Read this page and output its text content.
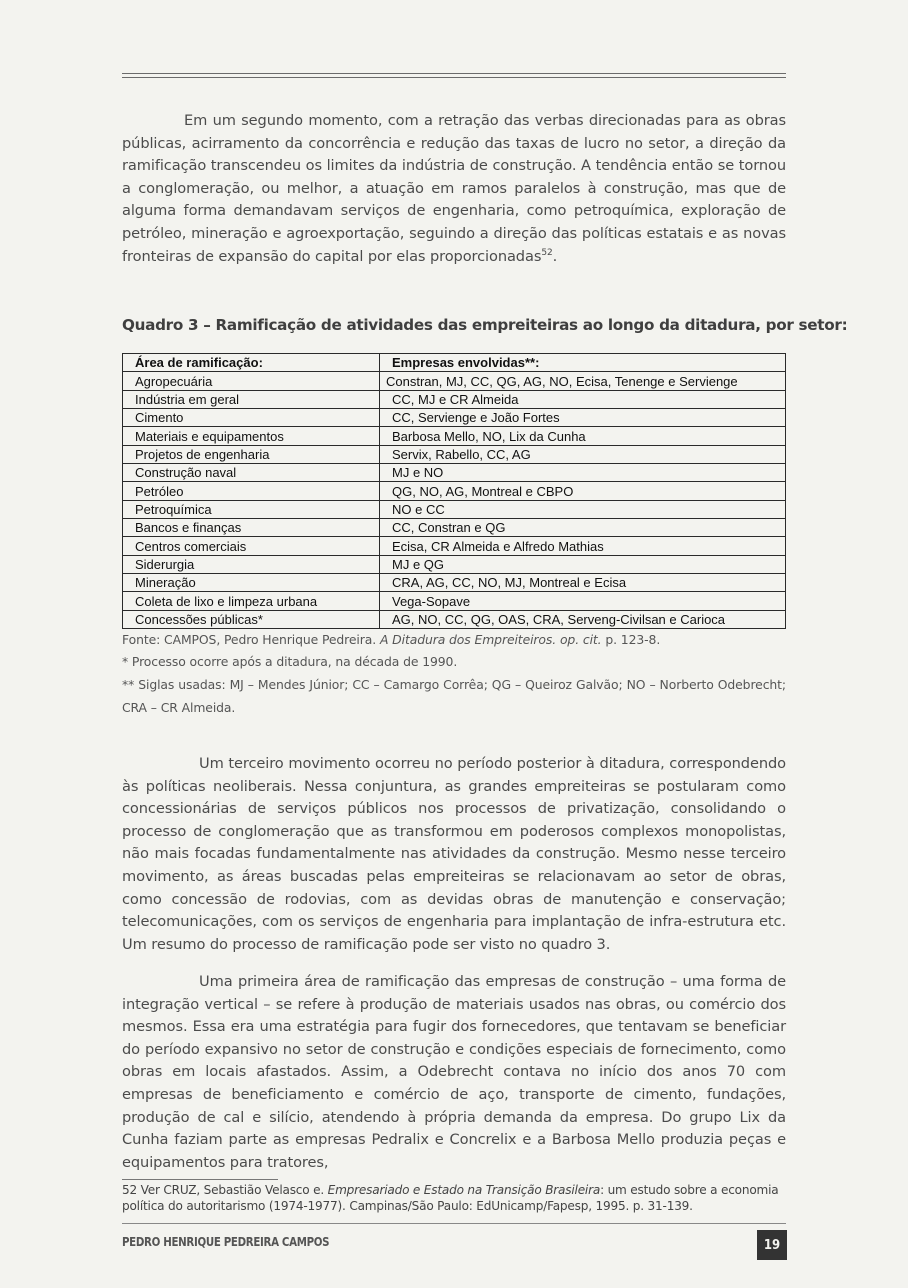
Em um segundo momento, com a retração das verbas direcionadas para as obras públicas, acirramento da concorrência e redução das taxas de lucro no setor, a direção da ramificação transcendeu os limites da indústria de construção. A tendência então se tornou a conglomeração, ou melhor, a atuação em ramos paralelos à construção, mas que de alguma forma demandavam serviços de engenharia, como petroquímica, exploração de petróleo, mineração e agroexportação, seguindo a direção das políticas estatais e as novas fronteiras de expansão do capital por elas proporcionadas$^{52}$.

Quadro 3 – Ramificação de atividades das empreiteiras ao longo da ditadura, por setor:

Área de ramificação:	Empresas envolvidas**:
Agropecuária	Constran, MJ, CC, QG, AG, NO, Ecisa, Tenenge e Servienge
Indústria em geral	CC, MJ e CR Almeida
Cimento	CC, Servienge e João Fortes
Materiais e equipamentos	Barbosa Mello, NO, Lix da Cunha
Projetos de engenharia	Servix, Rabello, CC, AG
Construção naval	MJ e NO
Petróleo	QG, NO, AG, Montreal e CBPO
Petroquímica	NO e CC
Bancos e finanças	CC, Constran e QG
Centros comerciais	Ecisa, CR Almeida e Alfredo Mathias
Siderurgia	MJ e QG
Mineração	CRA, AG, CC, NO, MJ, Montreal e Ecisa
Coleta de lixo e limpeza urbana	Vega-Sopave
Concessões públicas*	AG, NO, CC, QG, OAS, CRA, Serveng-Civilsan e Carioca

Fonte: CAMPOS, Pedro Henrique Pedreira. A Ditadura dos Empreiteiros. op. cit. p. 123-8.

* Processo ocorre após a ditadura, na década de 1990.

** Siglas usadas: MJ – Mendes Júnior; CC – Camargo Corrêa; QG – Queiroz Galvão; NO – Norberto Odebrecht; CRA – CR Almeida.

Um terceiro movimento ocorreu no período posterior à ditadura, correspondendo às políticas neoliberais. Nessa conjuntura, as grandes empreiteiras se postularam como concessionárias de serviços públicos nos processos de privatização, consolidando o processo de conglomeração que as transformou em poderosos complexos monopolistas, não mais focadas fundamentalmente nas atividades da construção. Mesmo nesse terceiro movimento, as áreas buscadas pelas empreiteiras se relacionavam ao setor de obras, como concessão de rodovias, com as devidas obras de manutenção e conservação; telecomunicações, com os serviços de engenharia para implantação de infra-estrutura etc. Um resumo do processo de ramificação pode ser visto no quadro 3.

Uma primeira área de ramificação das empresas de construção – uma forma de integração vertical – se refere à produção de materiais usados nas obras, ou comércio dos mesmos. Essa era uma estratégia para fugir dos fornecedores, que tentavam se beneficiar do período expansivo no setor de construção e condições especiais de fornecimento, como obras em locais afastados. Assim, a Odebrecht contava no início dos anos 70 com empresas de beneficiamento e comércio de aço, transporte de cimento, fundações, produção de cal e silício, atendendo à própria demanda da empresa. Do grupo Lix da Cunha faziam parte as empresas Pedralix e Concrelix e a Barbosa Mello produzia peças e equipamentos para tratores,

52 Ver CRUZ, Sebastião Velasco e. Empresariado e Estado na Transição Brasileira: um estudo sobre a economia política do autoritarismo (1974-1977). Campinas/São Paulo: EdUnicamp/Fapesp, 1995. p. 31-139.

PEDRO HENRIQUE PEDREIRA CAMPOS	19
